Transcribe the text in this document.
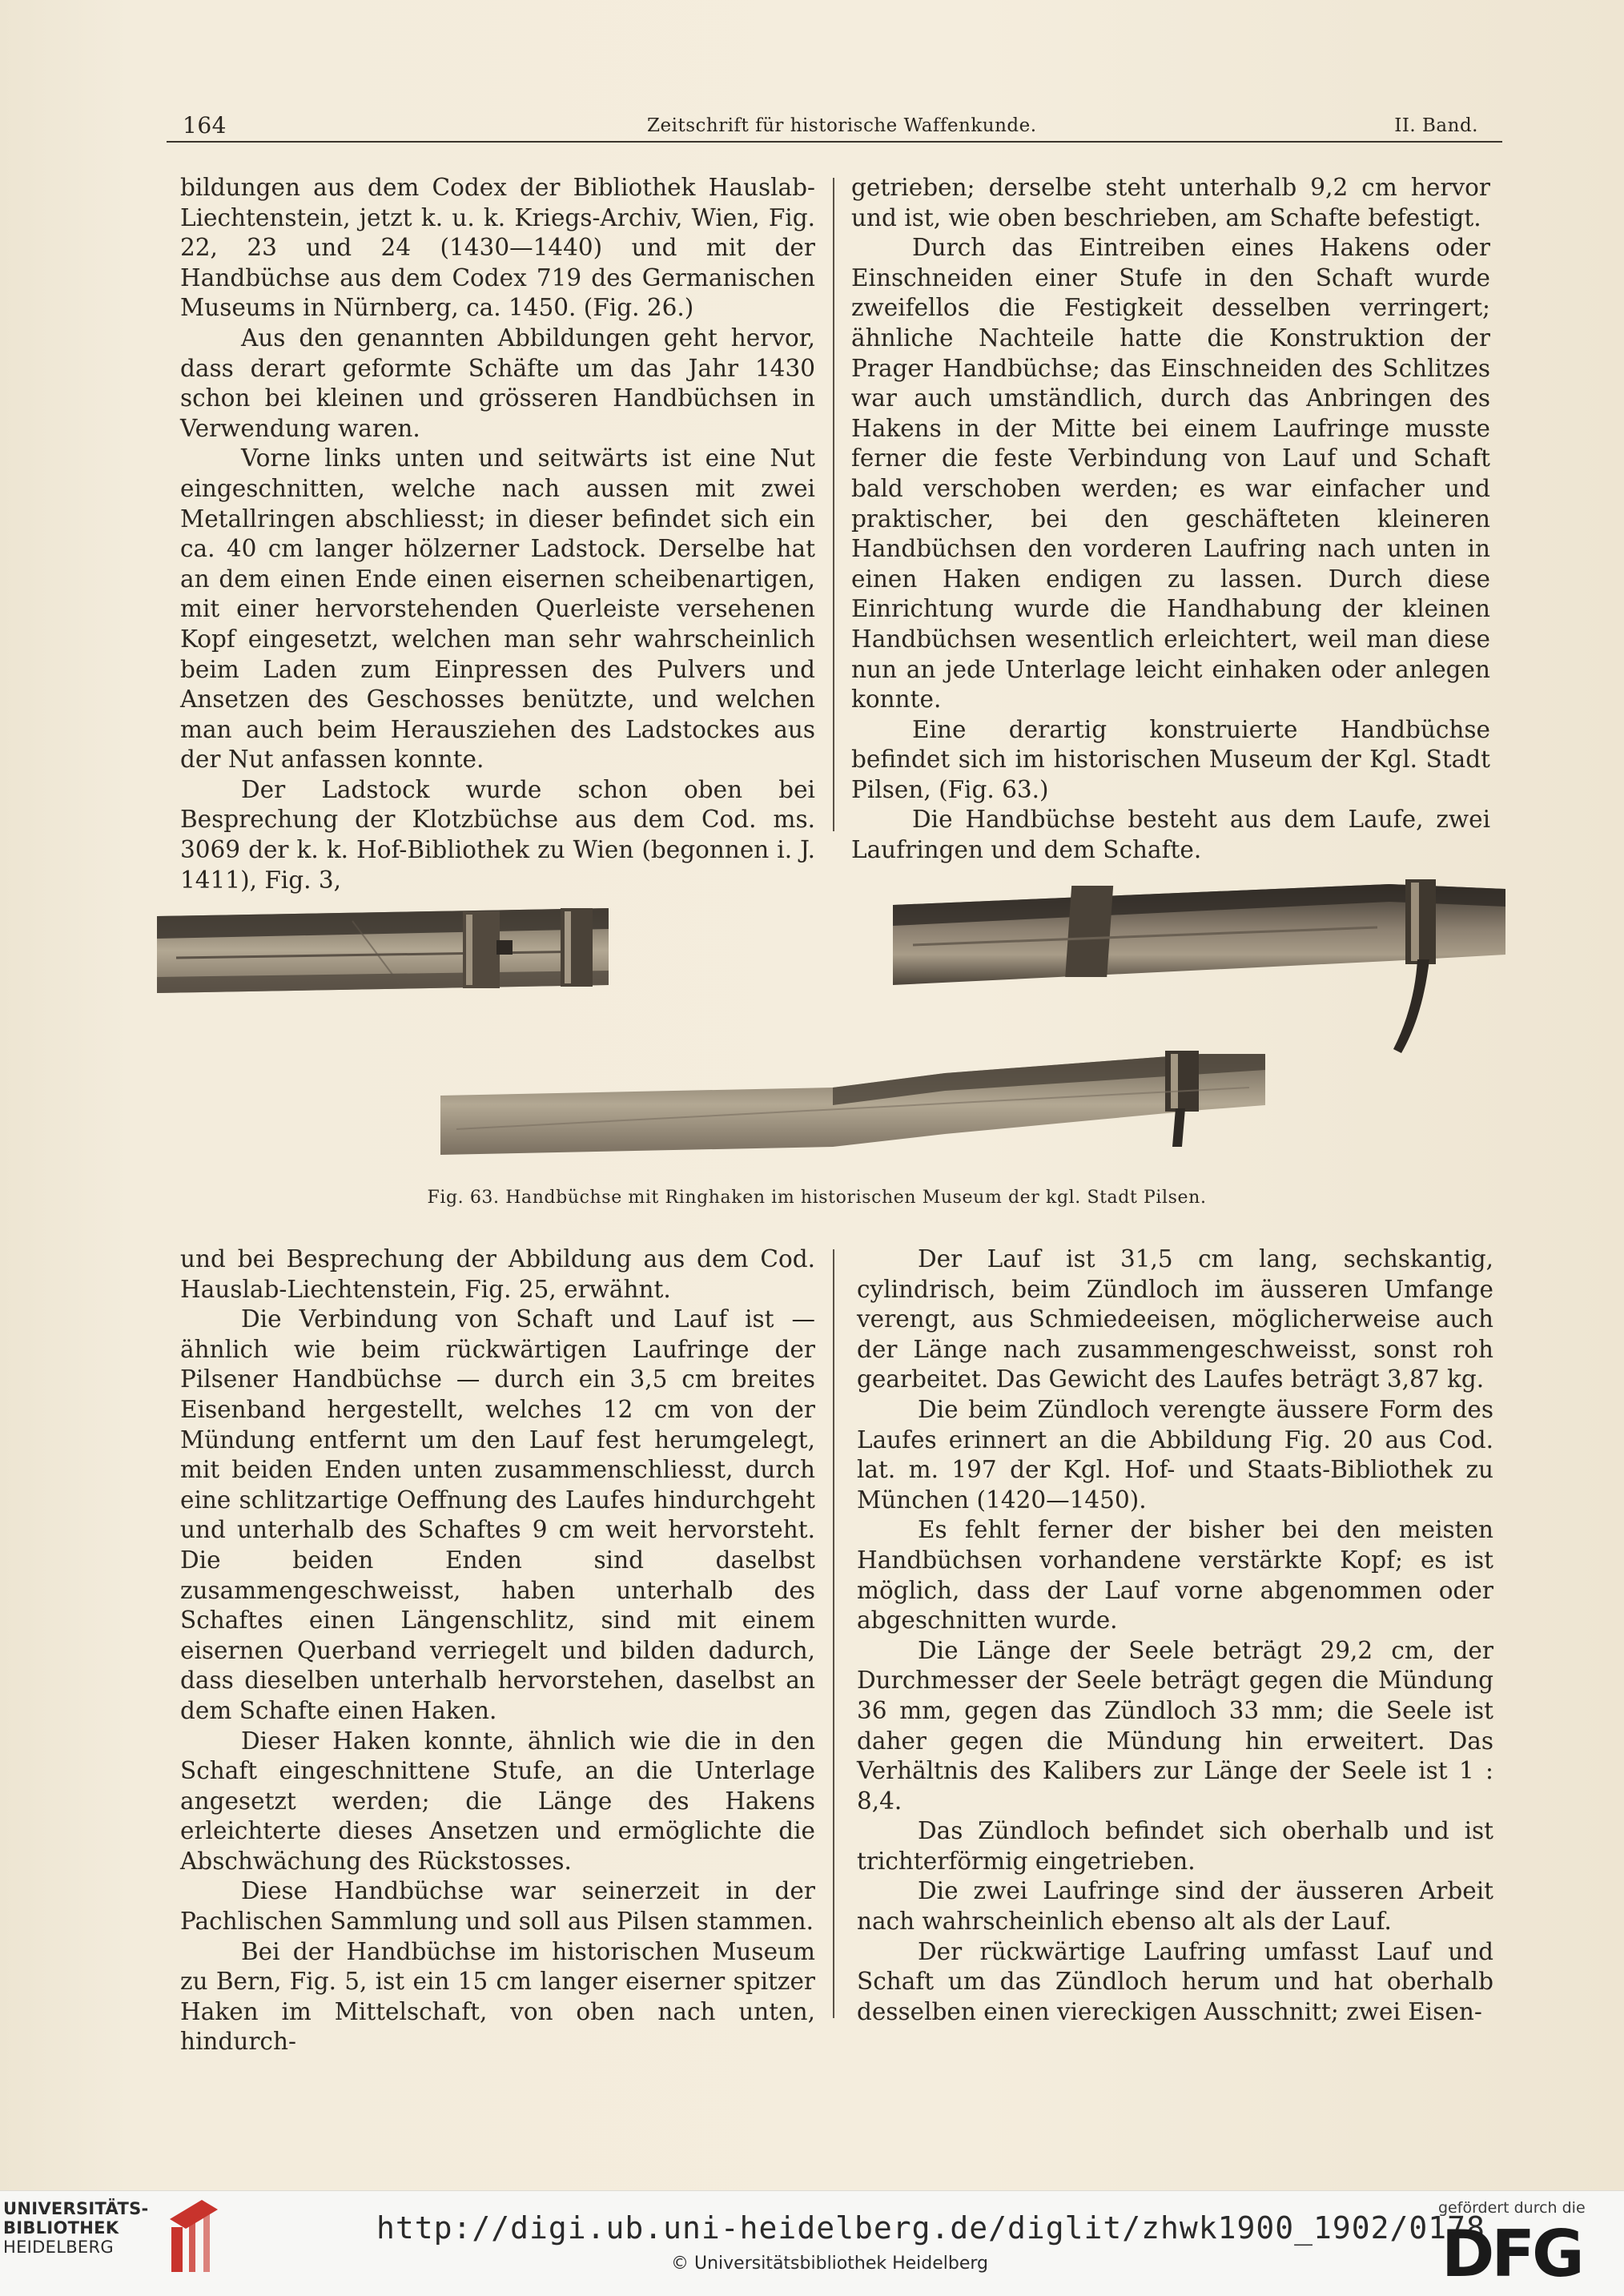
164	Zeitschrift für historische Waffenkunde.	II. Band.

bildungen aus dem Codex der Bibliothek Hauslab-Liechtenstein, jetzt k. u. k. Kriegs-Archiv, Wien, Fig. 22, 23 und 24 (1430—1440) und mit der Handbüchse aus dem Codex 719 des Germanischen Museums in Nürnberg, ca. 1450. (Fig. 26.)

Aus den genannten Abbildungen geht hervor, dass derart geformte Schäfte um das Jahr 1430 schon bei kleinen und grösseren Handbüchsen in Verwendung waren.

Vorne links unten und seitwärts ist eine Nut eingeschnitten, welche nach aussen mit zwei Metallringen abschliesst; in dieser befindet sich ein ca. 40 cm langer hölzerner Ladstock. Derselbe hat an dem einen Ende einen eisernen scheibenartigen, mit einer hervorstehenden Querleiste versehenen Kopf eingesetzt, welchen man sehr wahrscheinlich beim Laden zum Einpressen des Pulvers und Ansetzen des Geschosses benützte, und welchen man auch beim Herausziehen des Ladstockes aus der Nut anfassen konnte.

Der Ladstock wurde schon oben bei Besprechung der Klotzbüchse aus dem Cod. ms. 3069 der k. k. Hof-Bibliothek zu Wien (begonnen i. J. 1411), Fig. 3,

getrieben; derselbe steht unterhalb 9,2 cm hervor und ist, wie oben beschrieben, am Schafte befestigt.

Durch das Eintreiben eines Hakens oder Einschneiden einer Stufe in den Schaft wurde zweifellos die Festigkeit desselben verringert; ähnliche Nachteile hatte die Konstruktion der Prager Handbüchse; das Einschneiden des Schlitzes war auch umständlich, durch das Anbringen des Hakens in der Mitte bei einem Laufringe musste ferner die feste Verbindung von Lauf und Schaft bald verschoben werden; es war einfacher und praktischer, bei den geschäfteten kleineren Handbüchsen den vorderen Laufring nach unten in einen Haken endigen zu lassen. Durch diese Einrichtung wurde die Handhabung der kleinen Handbüchsen wesentlich erleichtert, weil man diese nun an jede Unterlage leicht einhaken oder anlegen konnte.

Eine derartig konstruierte Handbüchse befindet sich im historischen Museum der Kgl. Stadt Pilsen, (Fig. 63.)

Die Handbüchse besteht aus dem Laufe, zwei Laufringen und dem Schafte.

Fig. 63. Handbüchse mit Ringhaken im historischen Museum der kgl. Stadt Pilsen.

und bei Besprechung der Abbildung aus dem Cod. Hauslab-Liechtenstein, Fig. 25, erwähnt.

Die Verbindung von Schaft und Lauf ist — ähnlich wie beim rückwärtigen Laufringe der Pilsener Handbüchse — durch ein 3,5 cm breites Eisenband hergestellt, welches 12 cm von der Mündung entfernt um den Lauf fest herumgelegt, mit beiden Enden unten zusammenschliesst, durch eine schlitzartige Oeffnung des Laufes hindurchgeht und unterhalb des Schaftes 9 cm weit hervorsteht. Die beiden Enden sind daselbst zusammengeschweisst, haben unterhalb des Schaftes einen Längenschlitz, sind mit einem eisernen Querband verriegelt und bilden dadurch, dass dieselben unterhalb hervorstehen, daselbst an dem Schafte einen Haken.

Dieser Haken konnte, ähnlich wie die in den Schaft eingeschnittene Stufe, an die Unterlage angesetzt werden; die Länge des Hakens erleichterte dieses Ansetzen und ermöglichte die Abschwächung des Rückstosses.

Diese Handbüchse war seinerzeit in der Pachlischen Sammlung und soll aus Pilsen stammen.

Bei der Handbüchse im historischen Museum zu Bern, Fig. 5, ist ein 15 cm langer eiserner spitzer Haken im Mittelschaft, von oben nach unten, hindurch-

Der Lauf ist 31,5 cm lang, sechskantig, cylindrisch, beim Zündloch im äusseren Umfange verengt, aus Schmiedeeisen, möglicherweise auch der Länge nach zusammengeschweisst, sonst roh gearbeitet. Das Gewicht des Laufes beträgt 3,87 kg.

Die beim Zündloch verengte äussere Form des Laufes erinnert an die Abbildung Fig. 20 aus Cod. lat. m. 197 der Kgl. Hof- und Staats-Bibliothek zu München (1420—1450).

Es fehlt ferner der bisher bei den meisten Handbüchsen vorhandene verstärkte Kopf; es ist möglich, dass der Lauf vorne abgenommen oder abgeschnitten wurde.

Die Länge der Seele beträgt 29,2 cm, der Durchmesser der Seele beträgt gegen die Mündung 36 mm, gegen das Zündloch 33 mm; die Seele ist daher gegen die Mündung hin erweitert. Das Verhältnis des Kalibers zur Länge der Seele ist 1 : 8,4.

Das Zündloch befindet sich oberhalb und ist trichterförmig eingetrieben.

Die zwei Laufringe sind der äusseren Arbeit nach wahrscheinlich ebenso alt als der Lauf.

Der rückwärtige Laufring umfasst Lauf und Schaft um das Zündloch herum und hat oberhalb desselben einen viereckigen Ausschnitt; zwei Eisen-

UNIVERSITÄTS-
BIBLIOTHEK
HEIDELBERG
http://digi.ub.uni-heidelberg.de/diglit/zhwk1900_1902/0178
© Universitätsbibliothek Heidelberg
gefördert durch die
DFG
